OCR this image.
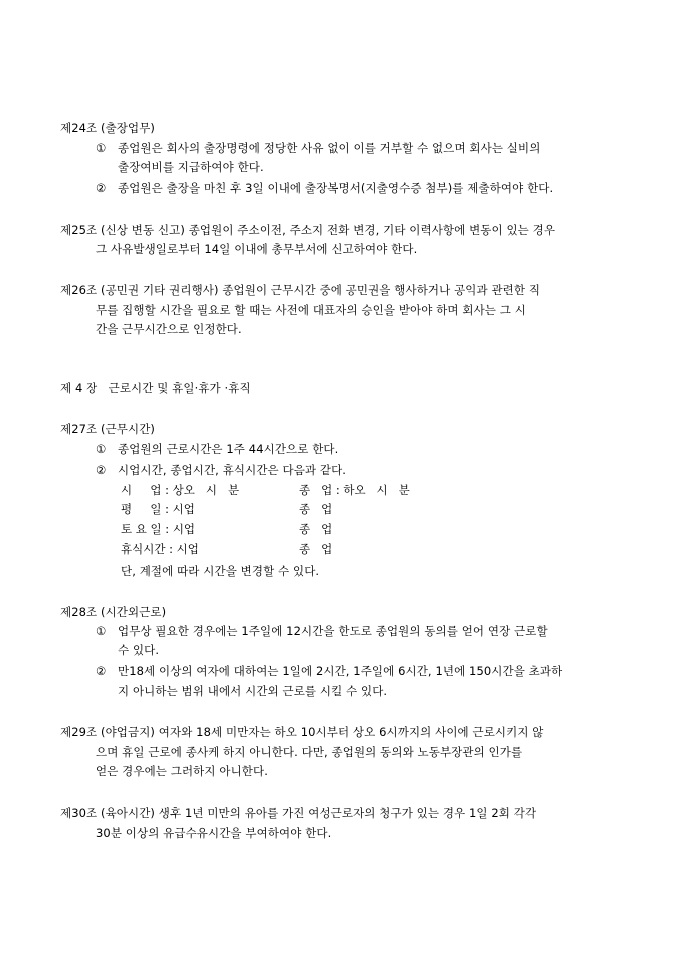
제24조 (출장업무)
① 종업원은 회사의 출장명령에 정당한 사유 없이 이를 거부할 수 없으며 회사는 실비의
출장여비를 지급하여야 한다.
② 종업원은 출장을 마친 후 3일 이내에 출장복명서(지출영수증 첨부)를 제출하여야 한다.
제25조 (신상 변동 신고) 종업원이 주소이전, 주소지 전화 변경, 기타 이력사항에 변동이 있는 경우
그 사유발생일로부터 14일 이내에 총무부서에 신고하여야 한다.
제26조 (공민권 기타 권리행사) 종업원이 근무시간 중에 공민권을 행사하거나 공익과 관련한 직
무를 집행할 시간을 필요로 할 때는 사전에 대표자의 승인을 받아야 하며 회사는 그 시
간을 근무시간으로 인정한다.
제 4 장   근로시간 및 휴일·휴가 ·휴직
제27조 (근무시간)
① 종업원의 근로시간은 1주 44시간으로 한다.
② 시업시간, 종업시간, 휴식시간은 다음과 같다.
시     업 : 상오   시   분	종   업 : 하오   시   분
평     일 : 시업	종   업
토 요 일 : 시업	종   업
휴식시간 : 시업	종   업
단, 계절에 따라 시간을 변경할 수 있다.
제28조 (시간외근로)
① 업무상 필요한 경우에는 1주일에 12시간을 한도로 종업원의 동의를 얻어 연장 근로할
수 있다.
② 만18세 이상의 여자에 대하여는 1일에 2시간, 1주일에 6시간, 1년에 150시간을 초과하
지 아니하는 범위 내에서 시간외 근로를 시킬 수 있다.
제29조 (야업금지) 여자와 18세 미만자는 하오 10시부터 상오 6시까지의 사이에 근로시키지 않
으며 휴일 근로에 종사케 하지 아니한다. 다만, 종업원의 동의와 노동부장관의 인가를
얻은 경우에는 그러하지 아니한다.
제30조 (육아시간) 생후 1년 미만의 유아를 가진 여성근로자의 청구가 있는 경우 1일 2회 각각
30분 이상의 유급수유시간을 부여하여야 한다.
